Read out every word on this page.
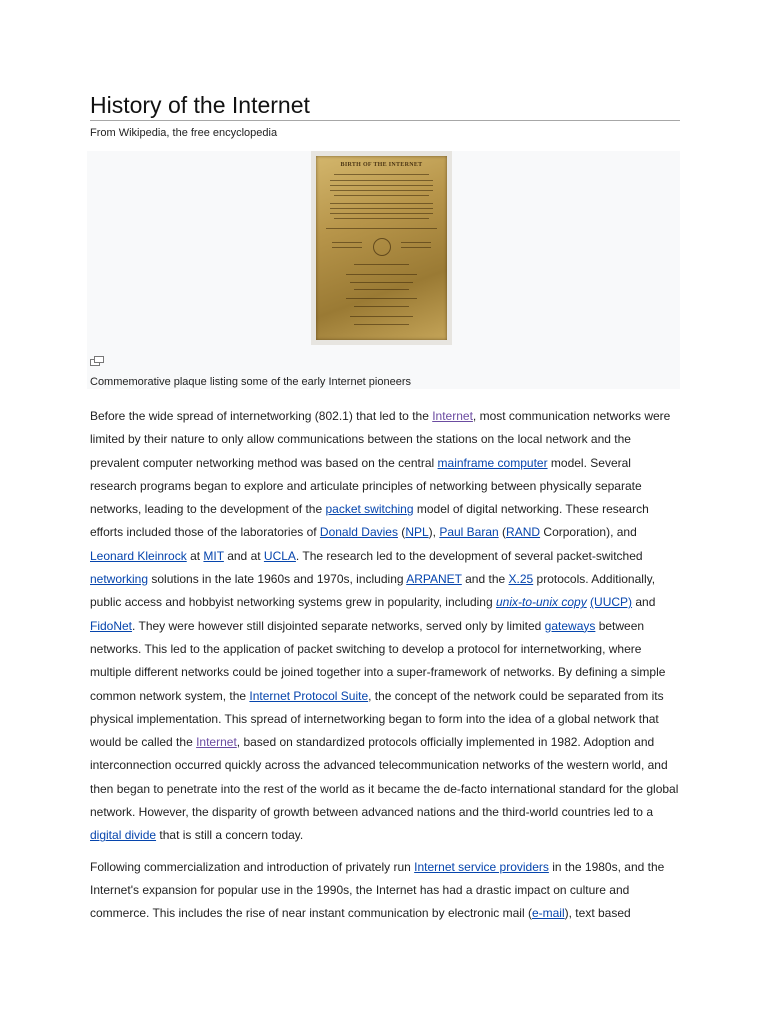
History of the Internet
From Wikipedia, the free encyclopedia
BIRTH OF THE INTERNET
Commemorative plaque listing some of the early Internet pioneers

Before the wide spread of internetworking (802.1) that led to the Internet, most communication networks were limited by their nature to only allow communications between the stations on the local network and the prevalent computer networking method was based on the central mainframe computer model. Several research programs began to explore and articulate principles of networking between physically separate networks, leading to the development of the packet switching model of digital networking. These research efforts included those of the laboratories of Donald Davies (NPL), Paul Baran (RAND Corporation), and Leonard Kleinrock at MIT and at UCLA. The research led to the development of several packet-switched networking solutions in the late 1960s and 1970s, including ARPANET and the X.25 protocols. Additionally, public access and hobbyist networking systems grew in popularity, including unix-to-unix copy (UUCP) and FidoNet. They were however still disjointed separate networks, served only by limited gateways between networks. This led to the application of packet switching to develop a protocol for internetworking, where multiple different networks could be joined together into a super-framework of networks. By defining a simple common network system, the Internet Protocol Suite, the concept of the network could be separated from its physical implementation. This spread of internetworking began to form into the idea of a global network that would be called the Internet, based on standardized protocols officially implemented in 1982. Adoption and interconnection occurred quickly across the advanced telecommunication networks of the western world, and then began to penetrate into the rest of the world as it became the de-facto international standard for the global network. However, the disparity of growth between advanced nations and the third-world countries led to a digital divide that is still a concern today.

Following commercialization and introduction of privately run Internet service providers in the 1980s, and the Internet's expansion for popular use in the 1990s, the Internet has had a drastic impact on culture and commerce. This includes the rise of near instant communication by electronic mail (e-mail), text based
